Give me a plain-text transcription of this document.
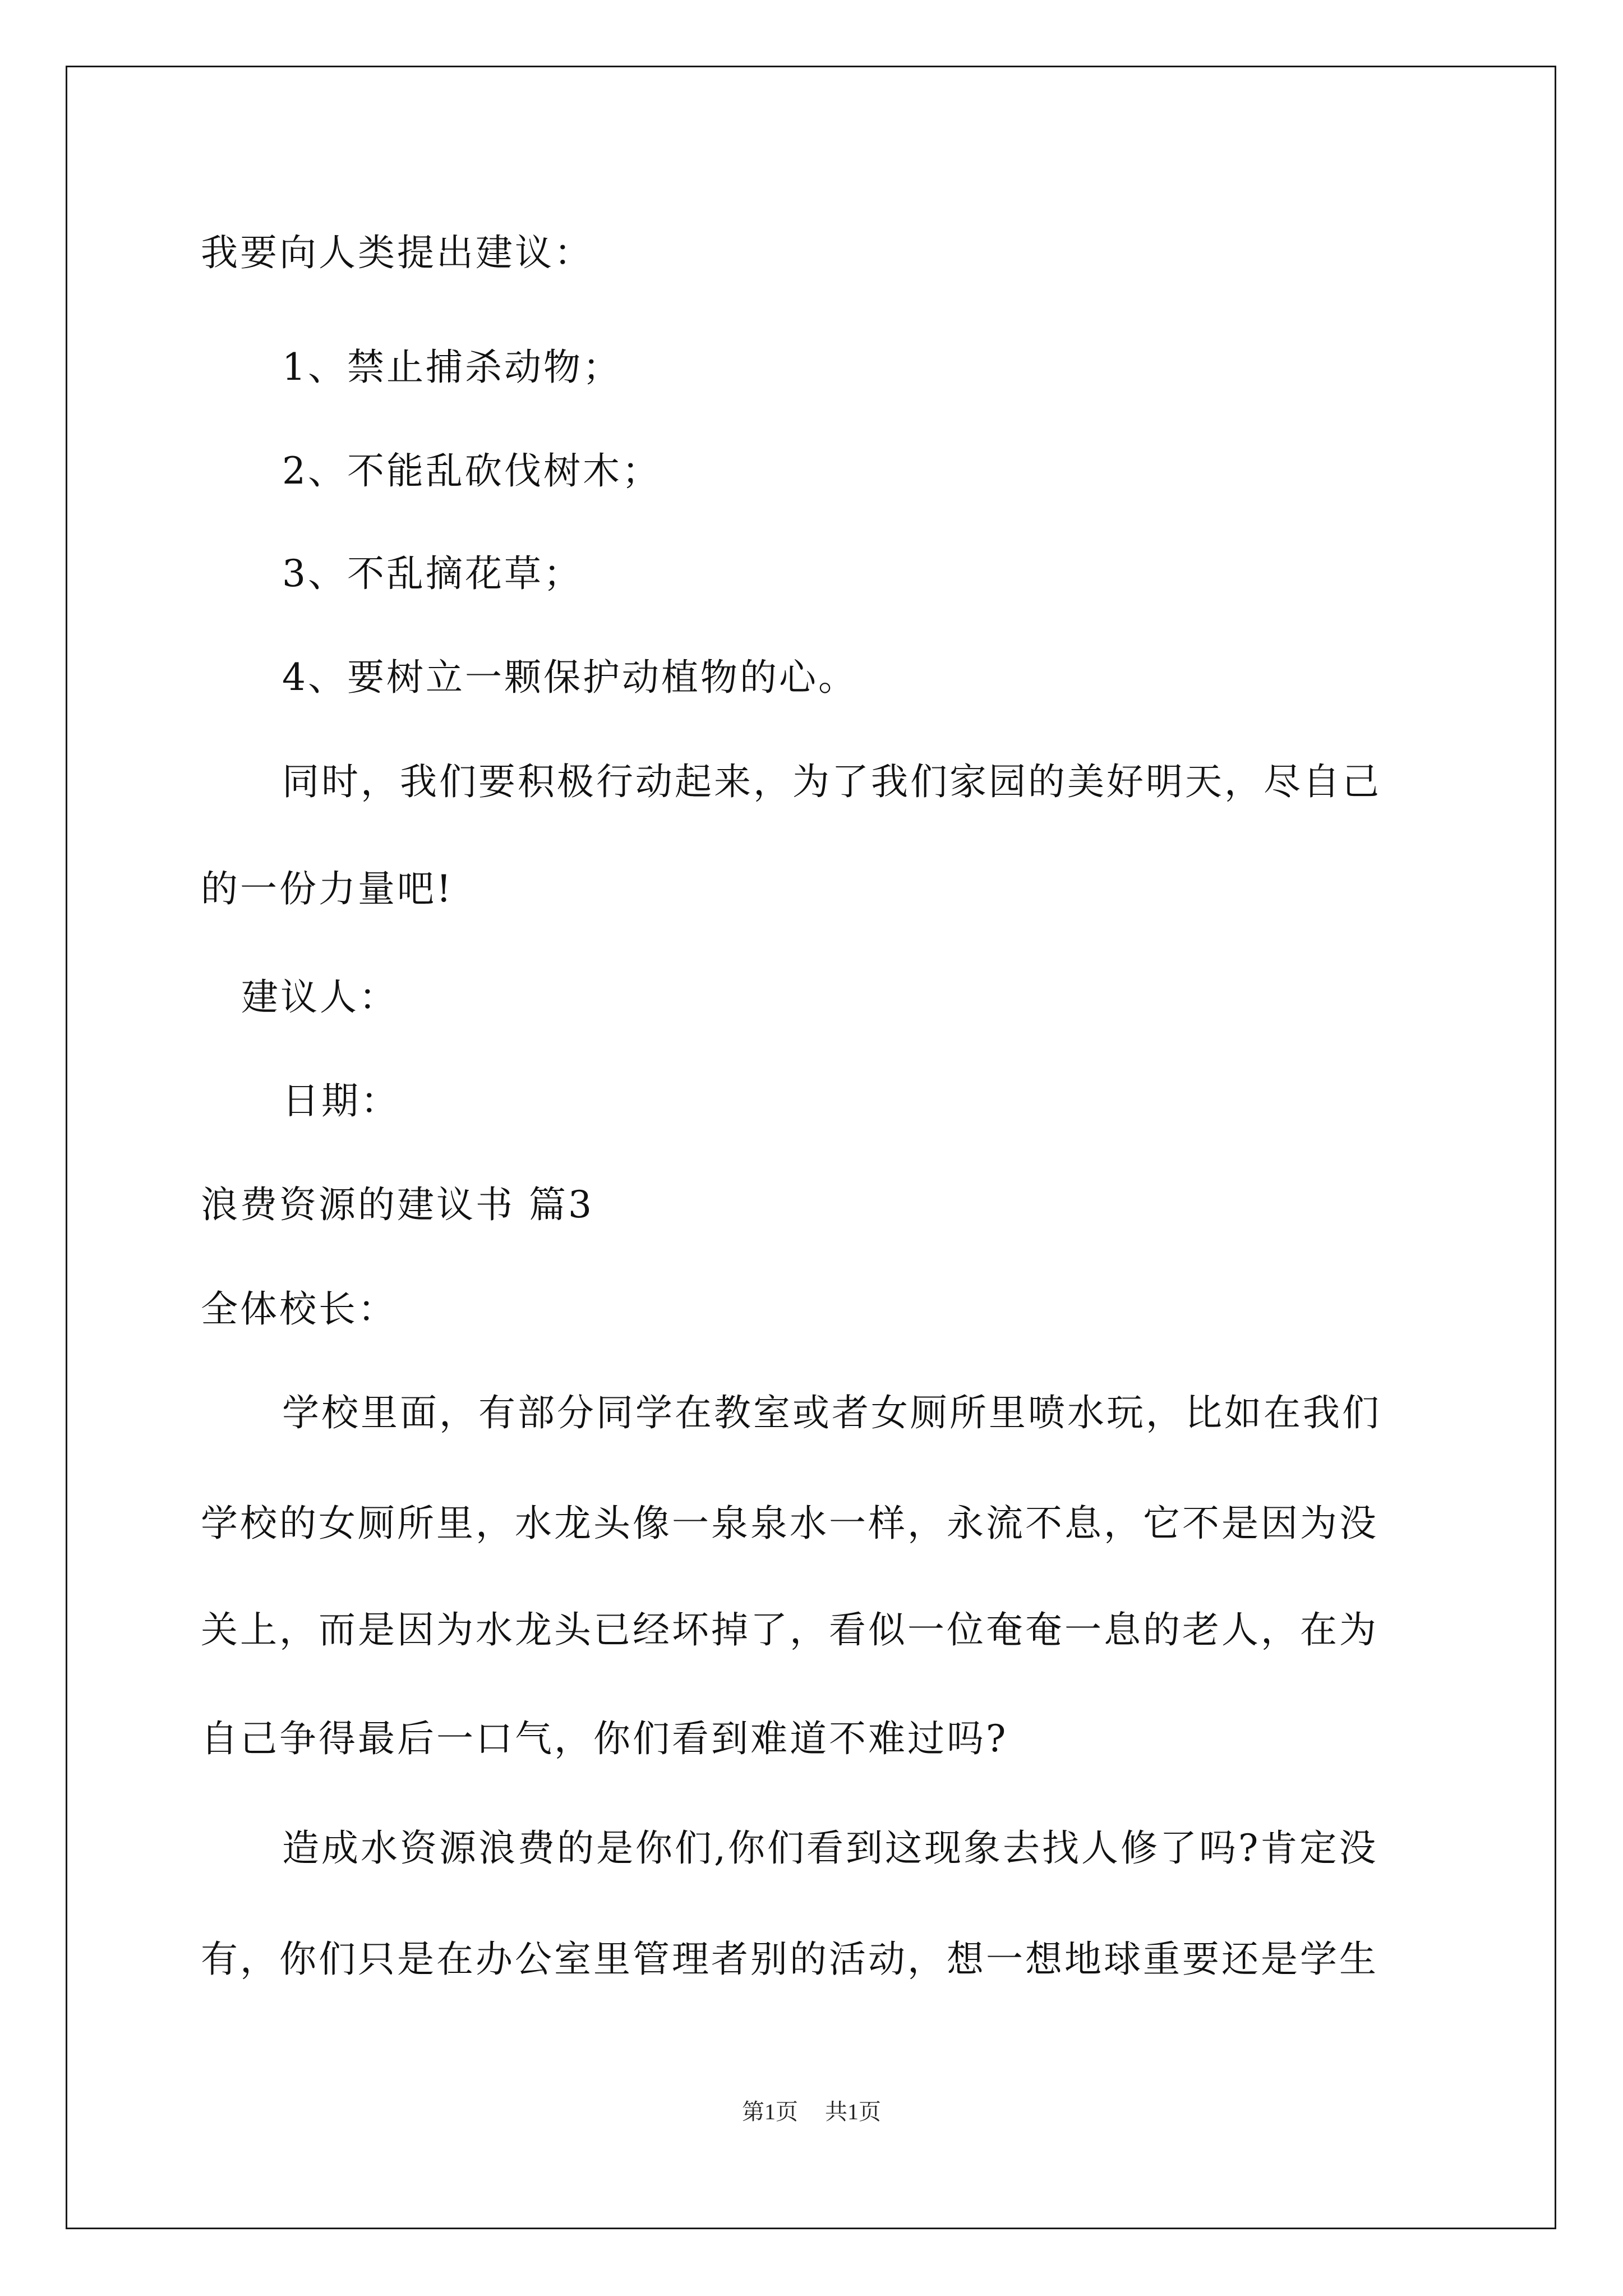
我要向人类提出建议：
1、禁止捕杀动物；
2、不能乱砍伐树木；
3、不乱摘花草；
4、要树立一颗保护动植物的心。
同时，我们要积极行动起来，为了我们家园的美好明天，尽自己
的一份力量吧!
建议人：
日期：
浪费资源的建议书 篇3
全体校长：
学校里面，有部分同学在教室或者女厕所里喷水玩，比如在我们
学校的女厕所里，水龙头像一泉泉水一样，永流不息，它不是因为没
关上，而是因为水龙头已经坏掉了，看似一位奄奄一息的老人，在为
自己争得最后一口气，你们看到难道不难过吗?
造成水资源浪费的是你们,你们看到这现象去找人修了吗?肯定没
有，你们只是在办公室里管理者别的活动，想一想地球重要还是学生
第1页 共1页
